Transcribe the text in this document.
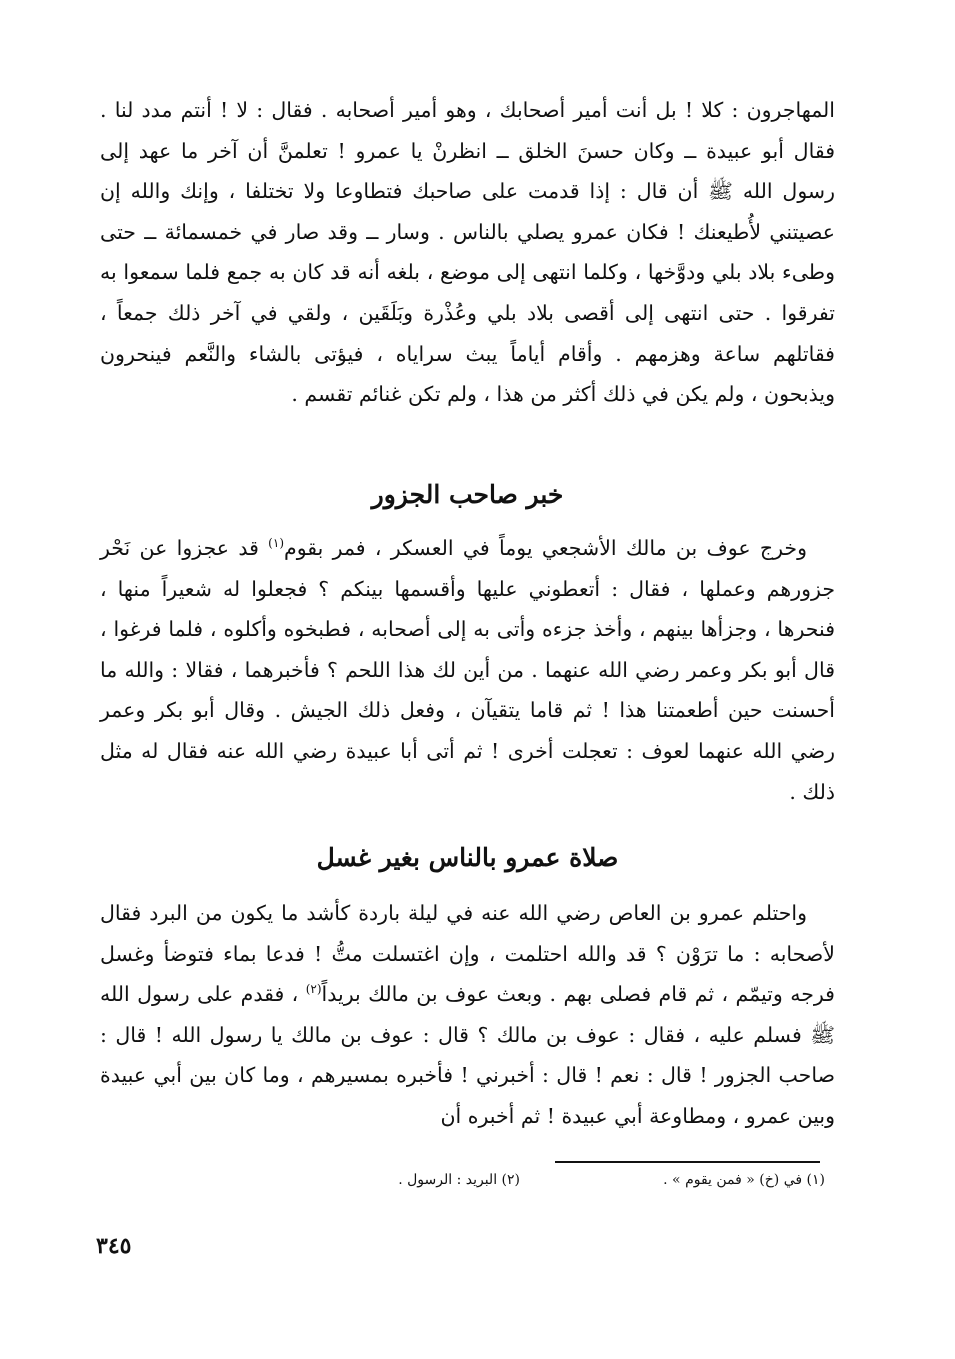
المهاجرون : كلا ! بل أنت أمير أصحابك ، وهو أمير أصحابه . فقال : لا ! أنتم مدد لنا . فقال أبو عبيدة ــ وكان حسنَ الخلق ــ انظرنْ يا عمرو ! تعلمنَّ أن آخر ما عهد إلى رسول الله ﷺ أن قال : إذا قدمت على صاحبك فتطاوعا ولا تختلفا ، وإنك والله إن عصيتني لأُطيعنك ! فكان عمرو يصلي بالناس . وسار ــ وقد صار في خمسمائة ــ حتى وطىء بلاد بلي ودوَّخها ، وكلما انتهى إلى موضع ، بلغه أنه قد كان به جمع فلما سمعوا به تفرقوا . حتى انتهى إلى أقصى بلاد بلي وعُذْرة وبَلَقَين ، ولقي في آخر ذلك جمعاً ، فقاتلهم ساعة وهزمهم . وأقام أياماً يبث سراياه ، فيؤتى بالشاء والنَّعم فينحرون ويذبحون ، ولم يكن في ذلك أكثر من هذا ، ولم تكن غنائم تقسم .

خبر صاحب الجزور

وخرج عوف بن مالك الأشجعي يوماً في العسكر ، فمر بقوم$^{(١)}$ قد عجزوا عن نَحْر جزورهم وعملها ، فقال : أتعطوني عليها وأقسمها بينكم ؟ فجعلوا له شعيراً منها ، فنحرها ، وجزأها بينهم ، وأخذ جزءه وأتى به إلى أصحابه ، فطبخوه وأكلوه ، فلما فرغوا ، قال أبو بكر وعمر رضي الله عنهما . من أين لك هذا اللحم ؟ فأخبرهما ، فقالا : والله ما أحسنت حين أطعمتنا هذا ! ثم قاما يتقيآن ، وفعل ذلك الجيش . وقال أبو بكر وعمر رضي الله عنهما لعوف : تعجلت أخرى ! ثم أتى أبا عبيدة رضي الله عنه فقال له مثل ذلك .

صلاة عمرو بالناس بغير غسل

واحتلم عمرو بن العاص رضي الله عنه في ليلة باردة كأشد ما يكون من البرد فقال لأصحابه : ما ترَوْن ؟ قد والله احتلمت ، وإن اغتسلت متُّ ! فدعا بماء فتوضأ وغسل فرجه وتيمّم ، ثم قام فصلى بهم . وبعث عوف بن مالك بريداً$^{(٢)}$ ، فقدم على رسول الله ﷺ فسلم عليه ، فقال : عوف بن مالك ؟ قال : عوف بن مالك يا رسول الله ! قال : صاحب الجزور ! قال : نعم ! قال : أخبرني ! فأخبره بمسيرهم ، وما كان بين أبي عبيدة وبين عمرو ، ومطاوعة أبي عبيدة ! ثم أخبره أن

(١) في (خ) « فمن يقوم » .
(٢) البريد : الرسول .
٣٤٥
